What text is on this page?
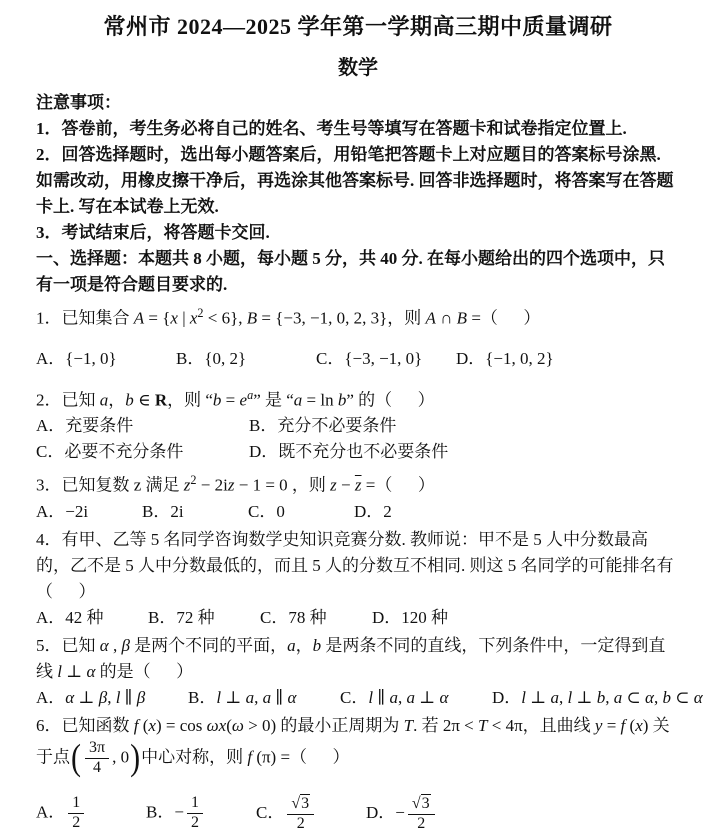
常州市 2024—2025 学年第一学期高三期中质量调研
数学

注意事项：

1．答卷前，考生务必将自己的姓名、考生号等填写在答题卡和试卷指定位置上.

2．回答选择题时，选出每小题答案后，用铅笔把答题卡上对应题目的答案标号涂黑. 如需改动，用橡皮擦干净后，再选涂其他答案标号. 回答非选择题时，将答案写在答题卡上. 写在本试卷上无效.

3．考试结束后，将答题卡交回.

一、选择题：本题共 8 小题，每小题 5 分，共 40 分. 在每小题给出的四个选项中，只有一项是符合题目要求的.

1．已知集合 A = {x | $x^2 < 6$}, B = {−3, −1, 0, 2, 3}，则 A ∩ B =（  ）

A．{−1, 0}	B．{0, 2}	C．{−3, −1, 0}	D．{−1, 0, 2}

2．已知 a，b ∈ R，则 “$b = e^a$” 是 “a = ln b” 的（  ）

A．充要条件	B．充分不必要条件
C．必要不充分条件	D．既不充分也不必要条件

3．已知复数 z 满足 $z^2 - 2iz - 1 = 0$ ，则 $z - \overline{z}$ =（  ）

A．−2i	B．2i	C．0	D．2

4．有甲、乙等 5 名同学咨询数学史知识竞赛分数. 教师说：甲不是 5 人中分数最高的，乙不是 5 人中分数最低的，而且 5 人的分数互不相同. 则这 5 名同学的可能排名有（  ）

A．42 种	B．72 种	C．78 种	D．120 种

5．已知 α , β 是两个不同的平面，a，b 是两条不同的直线，下列条件中，一定得到直线 l ⊥ α 的是（  ）

A．α ⊥ β, l ∥ β	B．l ⊥ a, a ∥ α	C．l ∥ a, a ⊥ α	D．l ⊥ a, l ⊥ b, a ⊂ α, b ⊂ α

6．已知函数 f (x) = cos ωx(ω > 0) 的最小正周期为 T. 若 2π < T < 4π，且曲线 y = f (x) 关于点( $\frac{3\pi}{4}$ , 0)中心对称，则 f (π) =（  ）

A． $\frac{1}{2}$	B．− $\frac{1}{2}$	C． $\frac{√3}{2}$	D．− $\frac{√3}{2}$
